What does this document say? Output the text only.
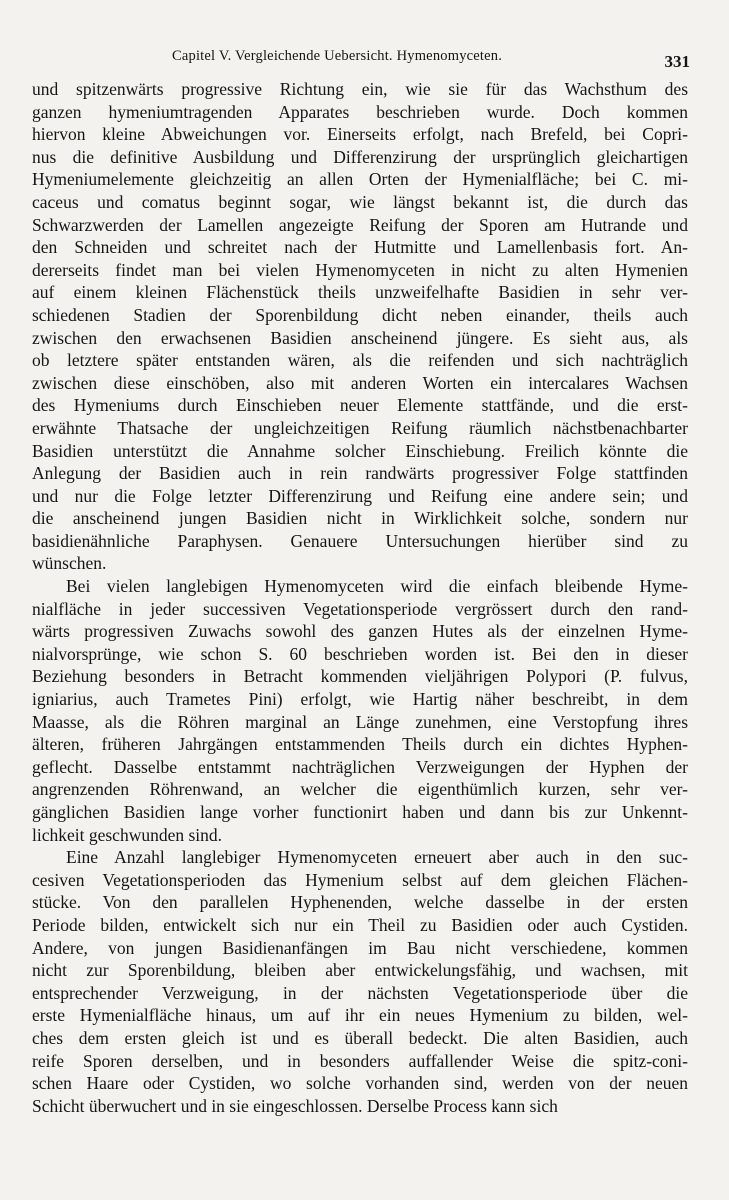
Capitel V. Vergleichende Uebersicht. Hymenomyceten.	331
und spitzenwärts progressive Richtung ein, wie sie für das Wachsthum des
ganzen hymeniumtragenden Apparates beschrieben wurde. Doch kommen
hiervon kleine Abweichungen vor. Einerseits erfolgt, nach Brefeld, bei Copri-
nus die definitive Ausbildung und Differenzirung der ursprünglich gleichartigen
Hymeniumelemente gleichzeitig an allen Orten der Hymenialfläche; bei C. mi-
caceus und comatus beginnt sogar, wie längst bekannt ist, die durch das
Schwarzwerden der Lamellen angezeigte Reifung der Sporen am Hutrande und
den Schneiden und schreitet nach der Hutmitte und Lamellenbasis fort. An-
dererseits findet man bei vielen Hymenomyceten in nicht zu alten Hymenien
auf einem kleinen Flächenstück theils unzweifelhafte Basidien in sehr ver-
schiedenen Stadien der Sporenbildung dicht neben einander, theils auch
zwischen den erwachsenen Basidien anscheinend jüngere. Es sieht aus, als
ob letztere später entstanden wären, als die reifenden und sich nachträglich
zwischen diese einschöben, also mit anderen Worten ein intercalares Wachsen
des Hymeniums durch Einschieben neuer Elemente stattfände, und die erst-
erwähnte Thatsache der ungleichzeitigen Reifung räumlich nächstbenachbarter
Basidien unterstützt die Annahme solcher Einschiebung. Freilich könnte die
Anlegung der Basidien auch in rein randwärts progressiver Folge stattfinden
und nur die Folge letzter Differenzirung und Reifung eine andere sein; und
die anscheinend jungen Basidien nicht in Wirklichkeit solche, sondern nur
basidienähnliche Paraphysen. Genauere Untersuchungen hierüber sind zu
wünschen.
Bei vielen langlebigen Hymenomyceten wird die einfach bleibende Hyme-
nialfläche in jeder successiven Vegetationsperiode vergrössert durch den rand-
wärts progressiven Zuwachs sowohl des ganzen Hutes als der einzelnen Hyme-
nialvorsprünge, wie schon S. 60 beschrieben worden ist. Bei den in dieser
Beziehung besonders in Betracht kommenden vieljährigen Polypori (P. fulvus,
igniarius, auch Trametes Pini) erfolgt, wie Hartig näher beschreibt, in dem
Maasse, als die Röhren marginal an Länge zunehmen, eine Verstopfung ihres
älteren, früheren Jahrgängen entstammenden Theils durch ein dichtes Hyphen-
geflecht. Dasselbe entstammt nachträglichen Verzweigungen der Hyphen der
angrenzenden Röhrenwand, an welcher die eigenthümlich kurzen, sehr ver-
gänglichen Basidien lange vorher functionirt haben und dann bis zur Unkennt-
lichkeit geschwunden sind.
Eine Anzahl langlebiger Hymenomyceten erneuert aber auch in den suc-
cesiven Vegetationsperioden das Hymenium selbst auf dem gleichen Flächen-
stücke. Von den parallelen Hyphenenden, welche dasselbe in der ersten
Periode bilden, entwickelt sich nur ein Theil zu Basidien oder auch Cystiden.
Andere, von jungen Basidienanfängen im Bau nicht verschiedene, kommen
nicht zur Sporenbildung, bleiben aber entwickelungsfähig, und wachsen, mit
entsprechender Verzweigung, in der nächsten Vegetationsperiode über die
erste Hymenialfläche hinaus, um auf ihr ein neues Hymenium zu bilden, wel-
ches dem ersten gleich ist und es überall bedeckt. Die alten Basidien, auch
reife Sporen derselben, und in besonders auffallender Weise die spitz-coni-
schen Haare oder Cystiden, wo solche vorhanden sind, werden von der neuen
Schicht überwuchert und in sie eingeschlossen. Derselbe Process kann sich
